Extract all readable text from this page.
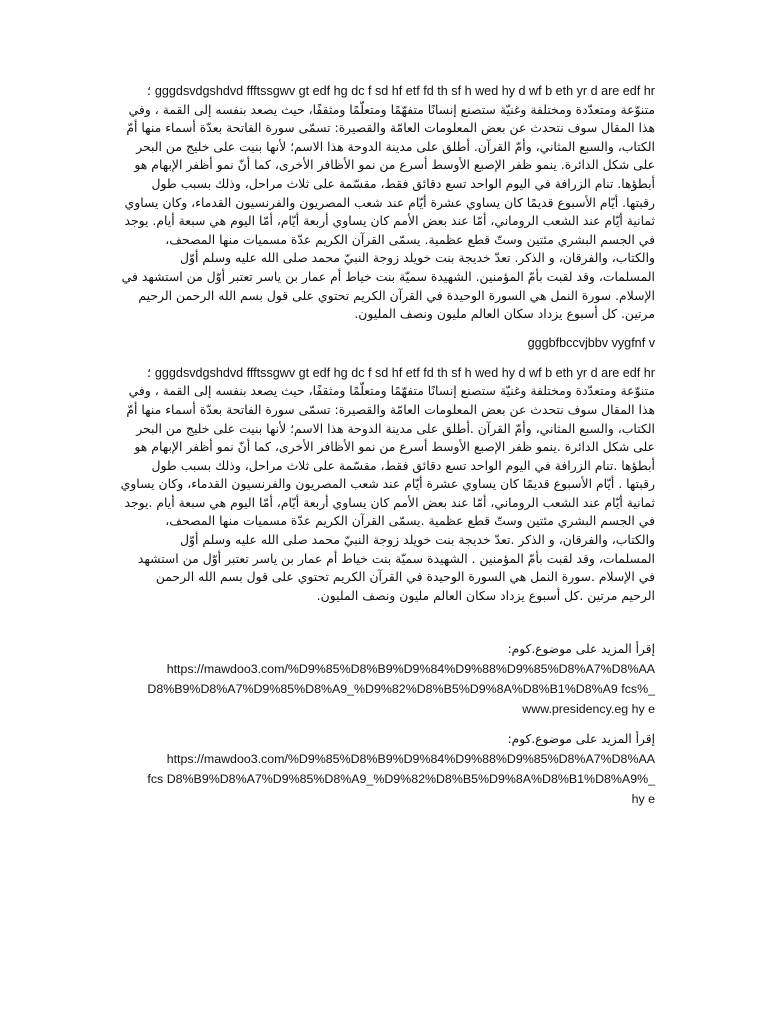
gggdsvdgshdvd ffftssgwv gt edf hg dc f sd hf etf fd th sf h wed hy d wf b eth yr d are edf hr ؛متنوّعة ومتعدّدة ومختلفة وغنيّة ستصنع إنسانًا متفهّمًا ومتعلّمًا ومثقفًا، حيث يصعد بنفسه إلى القمة ، وفي هذا المقال سوف نتحدث عن بعض المعلومات العامّة والقصيرة: تسمّى سورة الفاتحة بعدّة أسماء منها أمّ الكتاب، والسبع المثاني، وأمّ القرآن. أطلق على مدينة الدوحة هذا الاسم؛ لأنها بنيت على خليج من البحر على شكل الدائرة. ينمو ظفر الإصبع الأوسط أسرع من نمو الأظافر الأخرى، كما أنّ نمو أظفر الإبهام هو أبطؤها. تنام الزرافة في اليوم الواحد تسع دقائق فقط، مقسّمة على ثلاث مراحل، وذلك بسبب طول رقبتها. أيّام الأسبوع قديمًا كان يساوي عشرة أيّام عند شعب المصريون والفرنسيون القدماء، وكان يساوي ثمانية أيّام عند الشعب الروماني، أمّا عند بعض الأمم كان يساوي أربعة أيّام، أمّا اليوم هي سبعة أيام. يوجد في الجسم البشري مئتين وستّ قطع عظمية. يسمّى القرآن الكريم عدّة مسميات منها المصحف، والكتاب، والفرقان، و الذكر. تعدّ خديجة بنت خويلد زوجة النبيّ محمد صلى الله عليه وسلم أوّل المسلمات، وقد لقبت بأمّ المؤمنين. الشهيدة سميّة بنت خياط أم عمار بن ياسر تعتبر أوّل من استشهد في الإسلام. سورة النمل هي السورة الوحيدة في القرآن الكريم تحتوي على قول بسم الله الرحمن الرحيم مرتين. كل أسبوع يزداد سكان العالم مليون ونصف المليون.

gggbfbccvjbbv vygfnf v

gggdsvdgshdvd ffftssgwv gt edf hg dc f sd hf etf fd th sf h wed hy d wf b eth yr d are edf hr ؛متنوّعة ومتعدّدة ومختلفة وغنيّة ستصنع إنسانًا متفهّمًا ومتعلّمًا ومثقفًا، حيث يصعد بنفسه إلى القمة ، وفي هذا المقال سوف نتحدث عن بعض المعلومات العامّة والقصيرة: تسمّى سورة الفاتحة بعدّة أسماء منها أمّ الكتاب، والسبع المثاني، وأمّ القرآن .أطلق على مدينة الدوحة هذا الاسم؛ لأنها بنيت على خليج من البحر على شكل الدائرة .ينمو ظفر الإصبع الأوسط أسرع من نمو الأظافر الأخرى، كما أنّ نمو أظفر الإبهام هو أبطؤها .تنام الزرافة في اليوم الواحد تسع دقائق فقط، مقسّمة على ثلاث مراحل، وذلك بسبب طول رقبتها . أيّام الأسبوع قديمًا كان يساوي عشرة أيّام عند شعب المصريون والفرنسيون القدماء، وكان يساوي ثمانية أيّام عند الشعب الروماني، أمّا عند بعض الأمم كان يساوي أربعة أيّام، أمّا اليوم هي سبعة أيام .يوجد في الجسم البشري مئتين وستّ قطع عظمية .يسمّى القرآن الكريم عدّة مسميات منها المصحف، والكتاب، والفرقان، و الذكر .تعدّ خديجة بنت خويلد زوجة النبيّ محمد صلى الله عليه وسلم أوّل المسلمات، وقد لقبت بأمّ المؤمنين . الشهيدة سميّة بنت خياط أم عمار بن ياسر تعتبر أوّل من استشهد في الإسلام .سورة النمل هي السورة الوحيدة في القرآن الكريم تحتوي على قول بسم الله الرحمن الرحيم مرتين .كل أسبوع يزداد سكان العالم مليون ونصف المليون.

إقرأ المزيد على موضوع.كوم:
https://mawdoo3.com/%D9%85%D8%B9%D9%84%D9%88%D9%85%D8%A7%D8%AA
D8%B9%D8%A7%D9%85%D8%A9_%D9%82%D8%B5%D9%8A%D8%B1%D8%A9 fcs%_
www.presidency.eg hy e
إقرأ المزيد على موضوع.كوم:
https://mawdoo3.com/%D9%85%D8%B9%D9%84%D9%88%D9%85%D8%A7%D8%AA
fcs D8%B9%D8%A7%D9%85%D8%A9_%D9%82%D8%B5%D9%8A%D8%B1%D8%A9%_
hy e
